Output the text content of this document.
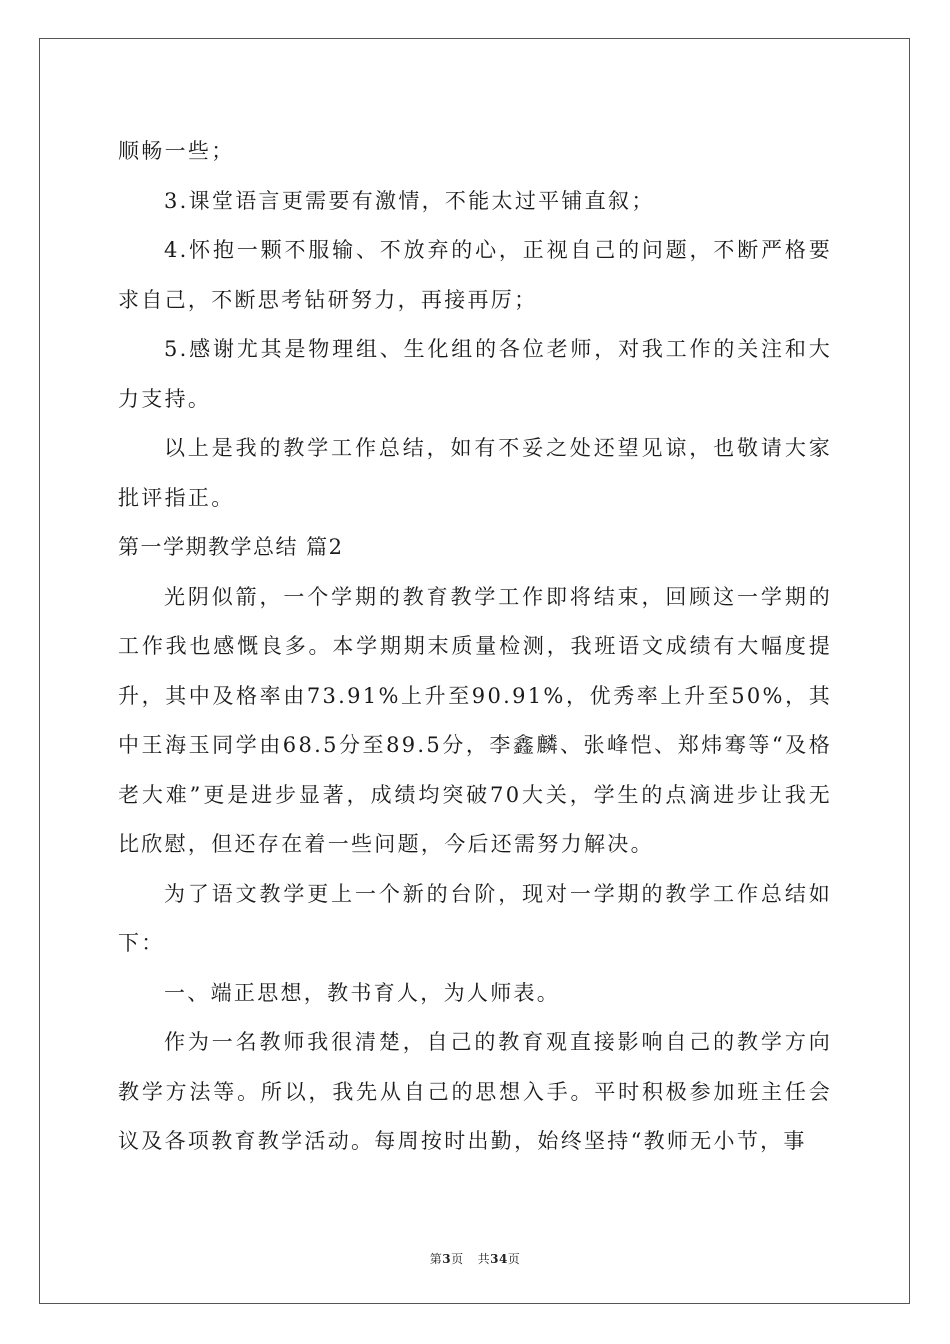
顺畅一些；

3.课堂语言更需要有激情，不能太过平铺直叙；

4.怀抱一颗不服输、不放弃的心，正视自己的问题，不断严格要求自己，不断思考钻研努力，再接再厉；

5.感谢尤其是物理组、生化组的各位老师，对我工作的关注和大力支持。

以上是我的教学工作总结，如有不妥之处还望见谅，也敬请大家批评指正。

第一学期教学总结 篇2

光阴似箭，一个学期的教育教学工作即将结束，回顾这一学期的工作我也感慨良多。本学期期末质量检测，我班语文成绩有大幅度提升，其中及格率由73.91%上升至90.91%，优秀率上升至50%，其中王海玉同学由68.5分至89.5分，李鑫麟、张峰恺、郑炜骞等“及格老大难”更是进步显著，成绩均突破70大关，学生的点滴进步让我无比欣慰，但还存在着一些问题，今后还需努力解决。

为了语文教学更上一个新的台阶，现对一学期的教学工作总结如下：

一、端正思想，教书育人，为人师表。

作为一名教师我很清楚，自己的教育观直接影响自己的教学方向教学方法等。所以，我先从自己的思想入手。平时积极参加班主任会议及各项教育教学活动。每周按时出勤，始终坚持“教师无小节，事

第3页 共34页
